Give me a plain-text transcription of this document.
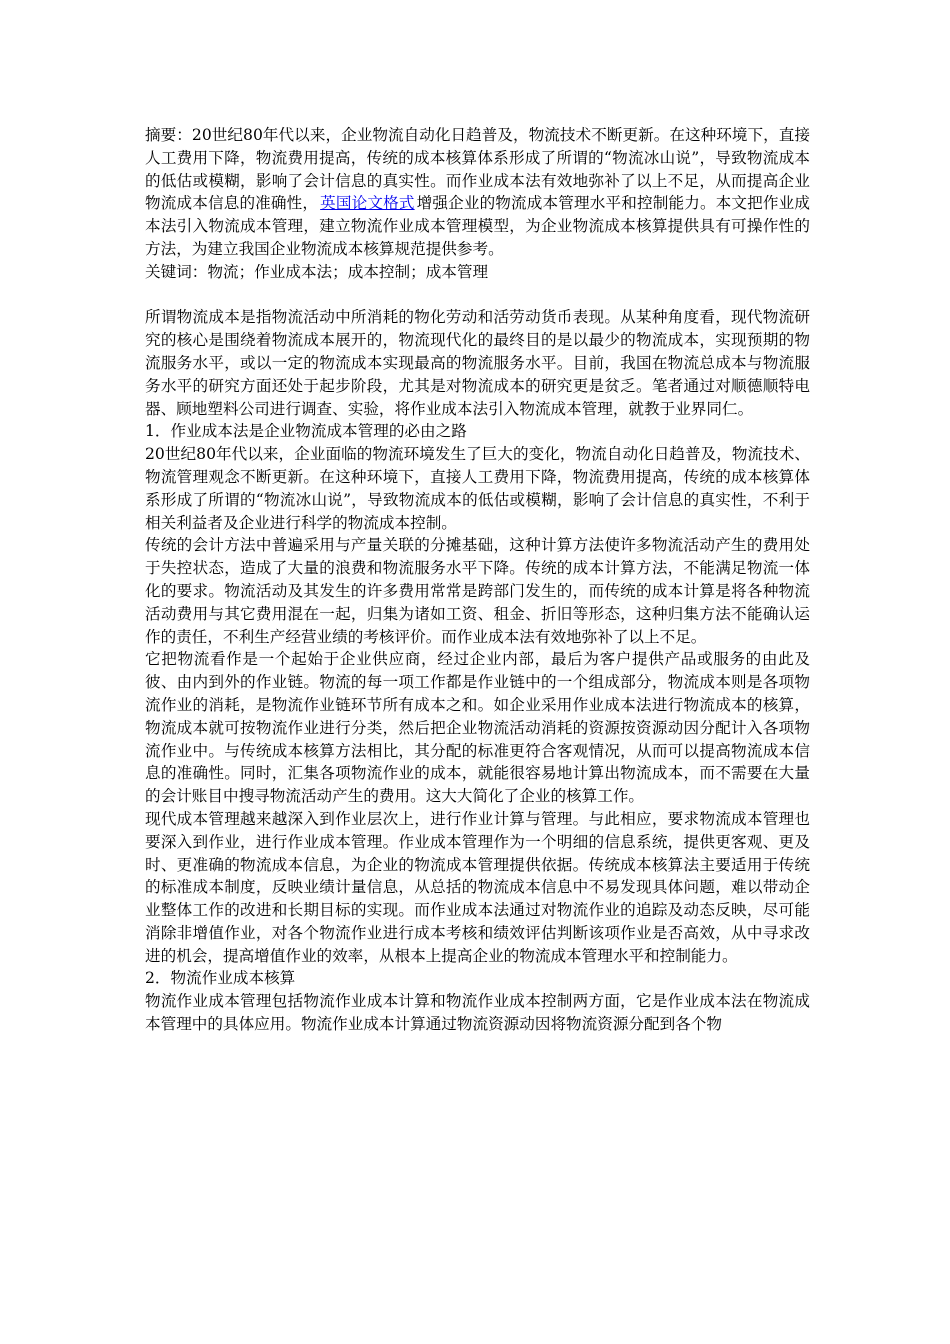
摘要：20世纪80年代以来，企业物流自动化日趋普及，物流技术不断更新。在这种环境下，直接人工费用下降，物流费用提高，传统的成本核算体系形成了所谓的“物流冰山说”，导致物流成本的低估或模糊，影响了会计信息的真实性。而作业成本法有效地弥补了以上不足，从而提高企业物流成本信息的准确性， 英国论文格式 增强企业的物流成本管理水平和控制能力。本文把作业成本法引入物流成本管理，建立物流作业成本管理模型，为企业物流成本核算提供具有可操作性的方法，为建立我国企业物流成本核算规范提供参考。

关键词：物流；作业成本法；成本控制；成本管理

所谓物流成本是指物流活动中所消耗的物化劳动和活劳动货币表现。从某种角度看，现代物流研究的核心是围绕着物流成本展开的，物流现代化的最终目的是以最少的物流成本，实现预期的物流服务水平，或以一定的物流成本实现最高的物流服务水平。目前，我国在物流总成本与物流服务水平的研究方面还处于起步阶段，尤其是对物流成本的研究更是贫乏。笔者通过对顺德顺特电器、顾地塑料公司进行调查、实验，将作业成本法引入物流成本管理，就教于业界同仁。

1．作业成本法是企业物流成本管理的必由之路

20世纪80年代以来，企业面临的物流环境发生了巨大的变化，物流自动化日趋普及，物流技术、物流管理观念不断更新。在这种环境下，直接人工费用下降，物流费用提高，传统的成本核算体系形成了所谓的“物流冰山说”，导致物流成本的低估或模糊，影响了会计信息的真实性，不利于相关利益者及企业进行科学的物流成本控制。

传统的会计方法中普遍采用与产量关联的分摊基础，这种计算方法使许多物流活动产生的费用处于失控状态，造成了大量的浪费和物流服务水平下降。传统的成本计算方法，不能满足物流一体化的要求。物流活动及其发生的许多费用常常是跨部门发生的，而传统的成本计算是将各种物流活动费用与其它费用混在一起，归集为诸如工资、租金、折旧等形态，这种归集方法不能确认运作的责任，不利生产经营业绩的考核评价。而作业成本法有效地弥补了以上不足。

它把物流看作是一个起始于企业供应商，经过企业内部，最后为客户提供产品或服务的由此及彼、由内到外的作业链。物流的每一项工作都是作业链中的一个组成部分，物流成本则是各项物流作业的消耗，是物流作业链环节所有成本之和。如企业采用作业成本法进行物流成本的核算，物流成本就可按物流作业进行分类，然后把企业物流活动消耗的资源按资源动因分配计入各项物流作业中。与传统成本核算方法相比，其分配的标准更符合客观情况，从而可以提高物流成本信息的准确性。同时，汇集各项物流作业的成本，就能很容易地计算出物流成本，而不需要在大量的会计账目中搜寻物流活动产生的费用。这大大简化了企业的核算工作。

现代成本管理越来越深入到作业层次上，进行作业计算与管理。与此相应，要求物流成本管理也要深入到作业，进行作业成本管理。作业成本管理作为一个明细的信息系统，提供更客观、更及时、更准确的物流成本信息，为企业的物流成本管理提供依据。传统成本核算法主要适用于传统的标准成本制度，反映业绩计量信息，从总括的物流成本信息中不易发现具体问题，难以带动企业整体工作的改进和长期目标的实现。而作业成本法通过对物流作业的追踪及动态反映，尽可能消除非增值作业，对各个物流作业进行成本考核和绩效评估判断该项作业是否高效，从中寻求改进的机会，提高增值作业的效率，从根本上提高企业的物流成本管理水平和控制能力。

2．物流作业成本核算

物流作业成本管理包括物流作业成本计算和物流作业成本控制两方面，它是作业成本法在物流成本管理中的具体应用。物流作业成本计算通过物流资源动因将物流资源分配到各个物
